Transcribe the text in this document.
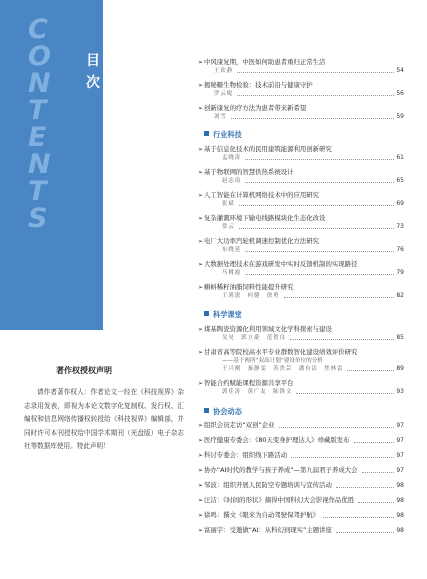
C
O
N
T
E
N
T
S
目
次
著作权授权声明
请作者著作权人：作者论文一经在《科技视界》杂志录用发表，即视为本论文数字化复制权、发行权、汇编权和信息网络传播权转授给《科技视界》编辑部，并同时许可本刊授权给中国学术期刊（光盘版）电子杂志社等数据库使用。特此声明！
➢中风康复期，中医如何助患者重归正常生活
王钦静	54
➢揭秘糖生物检验：技术前沿与健康守护
罗云妮	56
➢创新康复的疗方法为患者带来新希望
刘雪	59
行业科技
➢基于信息化技术的民用建筑能源利用创新研究
孟晓涛	61
➢基于物联网的智慧供热系统设计
赵志南	65
➢人工智能在计算机网络技术中的应用研究
张斌	69
➢复杂灌溉环境下输电线路模块化生态化改设
常云	73
➢电厂大功率汽轮机调速控制优化方法研究
东晓延	76
➢大数据处理技术在游戏研发中实时反馈机制的实现路径
马桃霞	79
➢蝌蚪稀籽油脂饲料性能提升研究
王鸿恩　何健　徐勇	82
科学课堂
➢煤基陶瓷资源化利用领域文化学科探索与建设
吴昊　郭立豪　范贺良	85
➢甘肃省高等院校高水平专业群数智化建设绩效评价研究
——基于两所“双高计划”建设单位的分析
王兴刚　秦静雯　苏贵芸　潘有洁　焦林雷	89
➢智能合约赋能课程资源共享平台
郭佳涛　黄广友　陈锋文	93
协会动态
➢组织会员走访“双创”企业	97
➢医疗健康专委会：《80天变身护理达人》珍藏版发布	97
➢科讨专委会：组织线下路活动	97
➢协办“AI时代的教学与孩子养成”—第九届君子养成大会	97
➢邹波：组织开展人民防空专题培训与宣传活动	98
➢汪洁：《时间的形状》摘得中国科幻大会影视作品优胜	98
➢徐鸣：撰文《眼来为自动驾驶保驾护航》	98
➢富丽宇：受邀做“AI：从科幻到现实”主题讲座	98
